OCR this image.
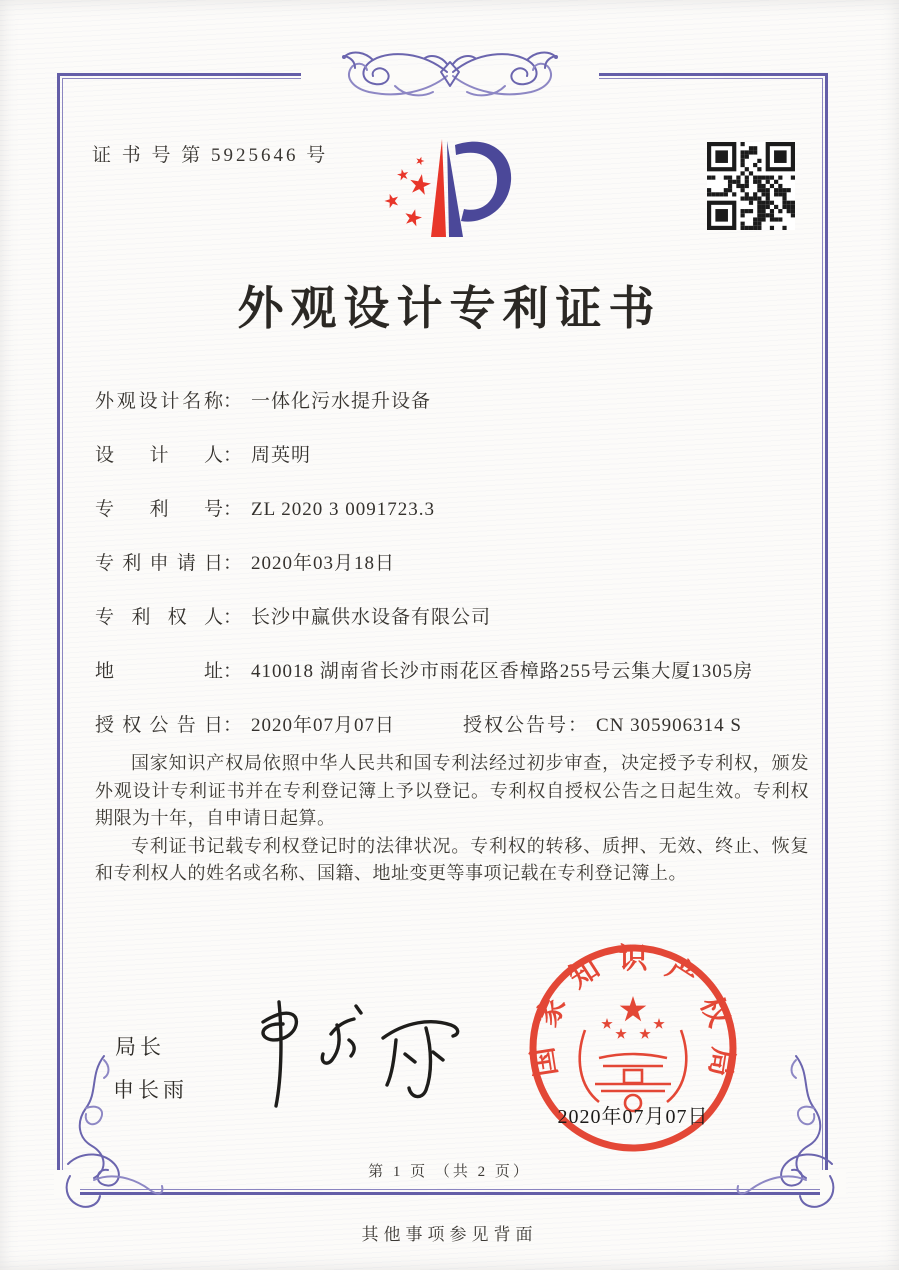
证 书 号 第 5925646 号
外观设计专利证书
外观设计名称： 一体化污水提升设备
设计人： 周英明
专利号： ZL 2020 3 0091723.3
专利申请日： 2020年03月18日
专利权人： 长沙中赢供水设备有限公司
地址： 410018 湖南省长沙市雨花区香樟路255号云集大厦1305房
授权公告日： 2020年07月07日	授权公告号： CN 305906314 S

国家知识产权局依照中华人民共和国专利法经过初步审查，决定授予专利权，颁发外观设计专利证书并在专利登记簿上予以登记。专利权自授权公告之日起生效。专利权期限为十年，自申请日起算。

专利证书记载专利权登记时的法律状况。专利权的转移、质押、无效、终止、恢复和专利权人的姓名或名称、国籍、地址变更等事项记载在专利登记簿上。

局长
申长雨
国家知识产权局
2020年07月07日
第 1 页 （共 2 页）
其他事项参见背面
